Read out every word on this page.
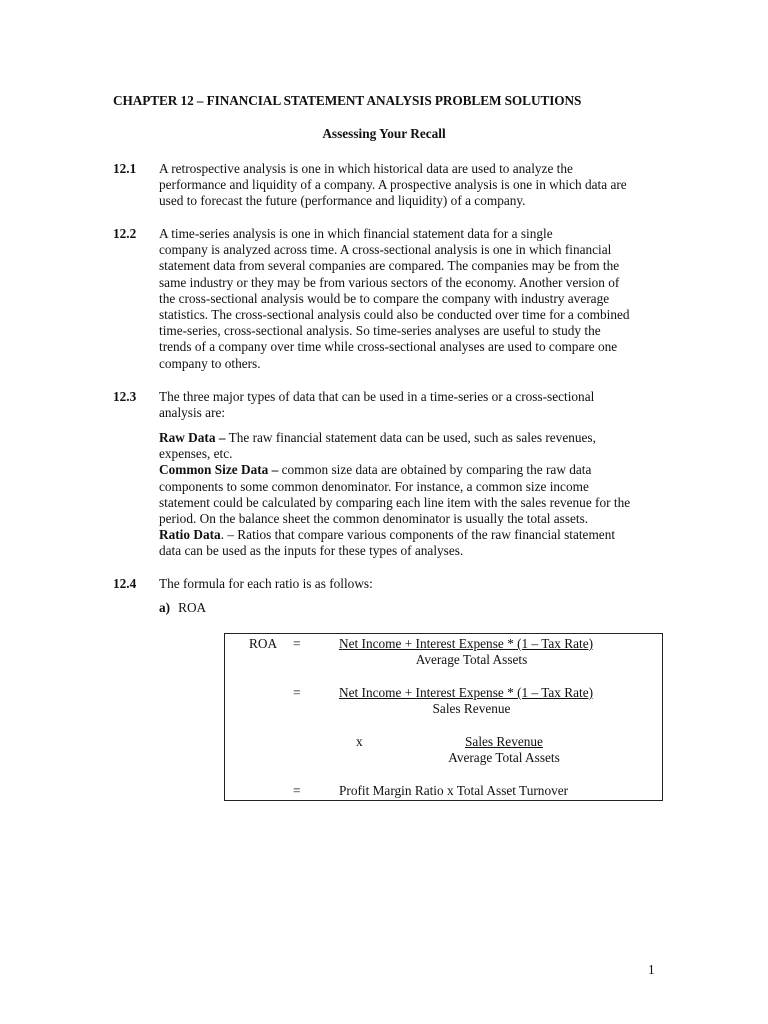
CHAPTER 12 – FINANCIAL STATEMENT ANALYSIS PROBLEM SOLUTIONS
Assessing Your Recall
12.1 A retrospective analysis is one in which historical data are used to analyze the
performance and liquidity of a company. A prospective analysis is one in which data are
used to forecast the future (performance and liquidity) of a company.
12.2 A time-series analysis is one in which financial statement data for a single
company is analyzed across time. A cross-sectional analysis is one in which financial
statement data from several companies are compared. The companies may be from the
same industry or they may be from various sectors of the economy. Another version of
the cross-sectional analysis would be to compare the company with industry average
statistics. The cross-sectional analysis could also be conducted over time for a combined
time-series, cross-sectional analysis. So time-series analyses are useful to study the
trends of a company over time while cross-sectional analyses are used to compare one
company to others.
12.3 The three major types of data that can be used in a time-series or a cross-sectional
analysis are:
Raw Data – The raw financial statement data can be used, such as sales revenues,
expenses, etc.
Common Size Data – common size data are obtained by comparing the raw data
components to some common denominator. For instance, a common size income
statement could be calculated by comparing each line item with the sales revenue for the
period. On the balance sheet the common denominator is usually the total assets.
Ratio Data. – Ratios that compare various components of the raw financial statement
data can be used as the inputs for these types of analyses.
12.4 The formula for each ratio is as follows:
a) ROA
ROA =	Net Income + Interest Expense * (1 – Tax Rate)
Average Total Assets
=	Net Income + Interest Expense * (1 – Tax Rate)
Sales Revenue
x	Sales Revenue
Average Total Assets
=	Profit Margin Ratio x Total Asset Turnover
1
